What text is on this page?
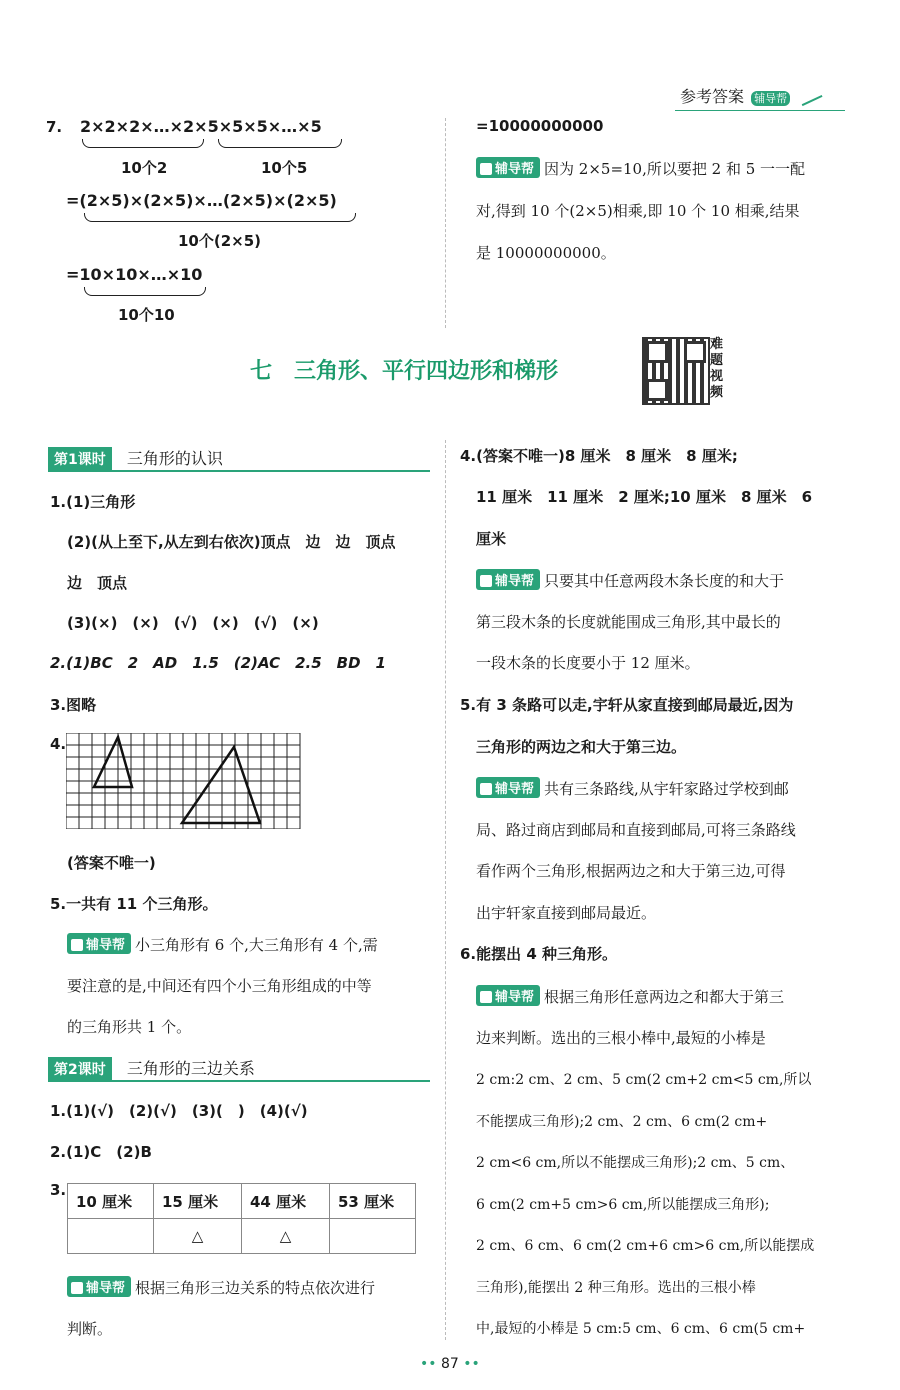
参考答案 辅导帮
7. 2×2×2×…×2×5×5×5×…×5
10个2	10个5
=(2×5)×(2×5)×…(2×5)×(2×5)
10个(2×5)
=10×10×…×10
10个10
=10000000000
辅导帮 因为 2×5=10,所以要把 2 和 5 一一配
对,得到 10 个(2×5)相乘,即 10 个 10 相乘,结果
是 10000000000。
七　三角形、平行四边形和梯形
难
题
视
频
第1课时 三角形的认识
1.(1)三角形
(2)(从上至下,从左到右依次)顶点　边　边　顶点
边　顶点
(3)(×)　(×)　(√)　(×)　(√)　(×)
2.(1)BC　2　AD　1.5　(2)AC　2.5　BD　1
3.图略
4.
(答案不唯一)
5.一共有 11 个三角形。
辅导帮 小三角形有 6 个,大三角形有 4 个,需
要注意的是,中间还有四个小三角形组成的中等
的三角形共 1 个。
第2课时 三角形的三边关系
1.(1)(√)　(2)(√)　(3)(　)　(4)(√)
2.(1)C　(2)B
3.
10 厘米	15 厘米	44 厘米	53 厘米
	△	△	
辅导帮 根据三角形三边关系的特点依次进行
判断。
4.(答案不唯一)8 厘米　8 厘米　8 厘米;
11 厘米　11 厘米　2 厘米;10 厘米　8 厘米　6
厘米
辅导帮 只要其中任意两段木条长度的和大于
第三段木条的长度就能围成三角形,其中最长的
一段木条的长度要小于 12 厘米。
5.有 3 条路可以走,宇轩从家直接到邮局最近,因为
三角形的两边之和大于第三边。
辅导帮 共有三条路线,从宇轩家路过学校到邮
局、路过商店到邮局和直接到邮局,可将三条路线
看作两个三角形,根据两边之和大于第三边,可得
出宇轩家直接到邮局最近。
6.能摆出 4 种三角形。
辅导帮 根据三角形任意两边之和都大于第三
边来判断。选出的三根小棒中,最短的小棒是
2 cm:2 cm、2 cm、5 cm(2 cm+2 cm<5 cm,所以
不能摆成三角形);2 cm、2 cm、6 cm(2 cm+
2 cm<6 cm,所以不能摆成三角形);2 cm、5 cm、
6 cm(2 cm+5 cm>6 cm,所以能摆成三角形);
2 cm、6 cm、6 cm(2 cm+6 cm>6 cm,所以能摆成
三角形),能摆出 2 种三角形。选出的三根小棒
中,最短的小棒是 5 cm:5 cm、6 cm、6 cm(5 cm+
•• 87 ••
